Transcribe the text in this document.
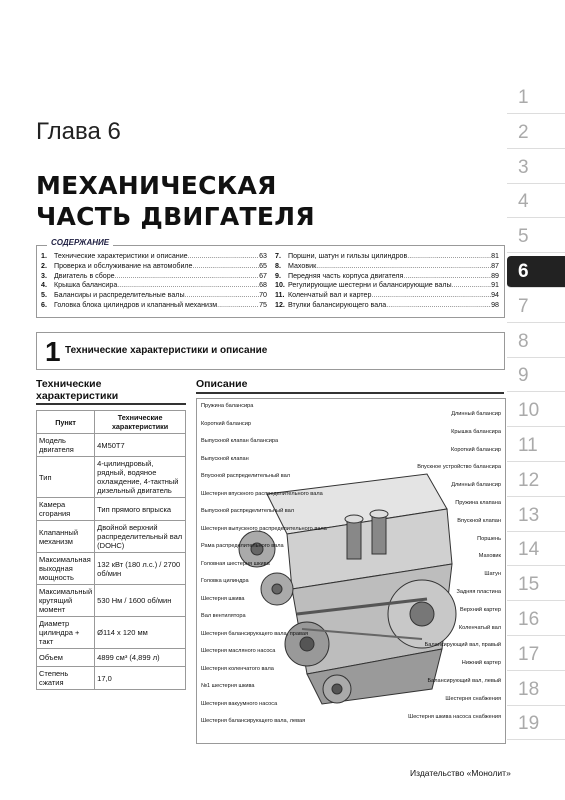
Глава 6
МЕХАНИЧЕСКАЯ
ЧАСТЬ ДВИГАТЕЛЯ
СОДЕРЖАНИЕ
1. Технические характеристики и описание .....	63
2. Проверка и обслуживание на автомобиле .....	65
3. Двигатель в сборе .....	67
4. Крышка балансира .....	68
5. Балансиры и распределительные валы .....	70
6. Головка блока цилиндров и клапанный механизм .....	75
7. Поршни, шатун и гильзы цилиндров .....	81
8. Маховик .....	87
9. Передняя часть корпуса двигателя .....	89
10. Регулирующие шестерни и балансирующие валы .....	91
11. Коленчатый вал и картер .....	94
12. Втулки балансирующего вала .....	98
1 Технические характеристики и описание
Технические
характеристики
Пункт	Технические характеристики
Модель двигателя	4M50T7
Тип	4-цилиндровый, рядный, водяное охлаждение, 4-тактный дизельный двигатель
Камера сгорания	Тип прямого впрыска
Клапанный механизм	Двойной верхний распределительный вал (DOHC)
Максимальная выходная мощность	132 кВт (180 л.с.) / 2700 об/мин
Максимальный крутящий момент	530 Нм / 1600 об/мин
Диаметр цилиндра + такт	Ø114 x 120 мм
Объем	4899 см³ (4,899 л)
Степень сжатия	17,0
Описание
Пружина балансира
Короткий балансир
Выпускной клапан балансира
Выпускной клапан
Впускной распределительный вал
Шестерня впускного распределительного вала
Выпускной распределительный вал
Шестерня выпускного распределительного вала
Рама распределительного вала
Головная шестерня шкива
Головка цилиндра
Шестерня шкива
Вал вентилятора
Шестерня балансирующего вала, правая
Шестерня масляного насоса
Шестерня коленчатого вала
№1 шестерня шкива
Шестерня вакуумного насоса
Шестерня балансирующего вала, левая
Длинный балансир
Крышка балансира
Короткий балансир
Впускное устройство балансира
Длинный балансир
Пружина клапана
Впускной клапан
Поршень
Маховик
Шатун
Задняя пластина
Верхний картер
Коленчатый вал
Балансирующий вал, правый
Нижний картер
Балансирующий вал, левый
Шестерня снабжения
Шестерня шкива насоса снабжения
1
2
3
4
5
6
7
8
9
10
11
12
13
14
15
16
17
18
19
Издательство «Монолит»
